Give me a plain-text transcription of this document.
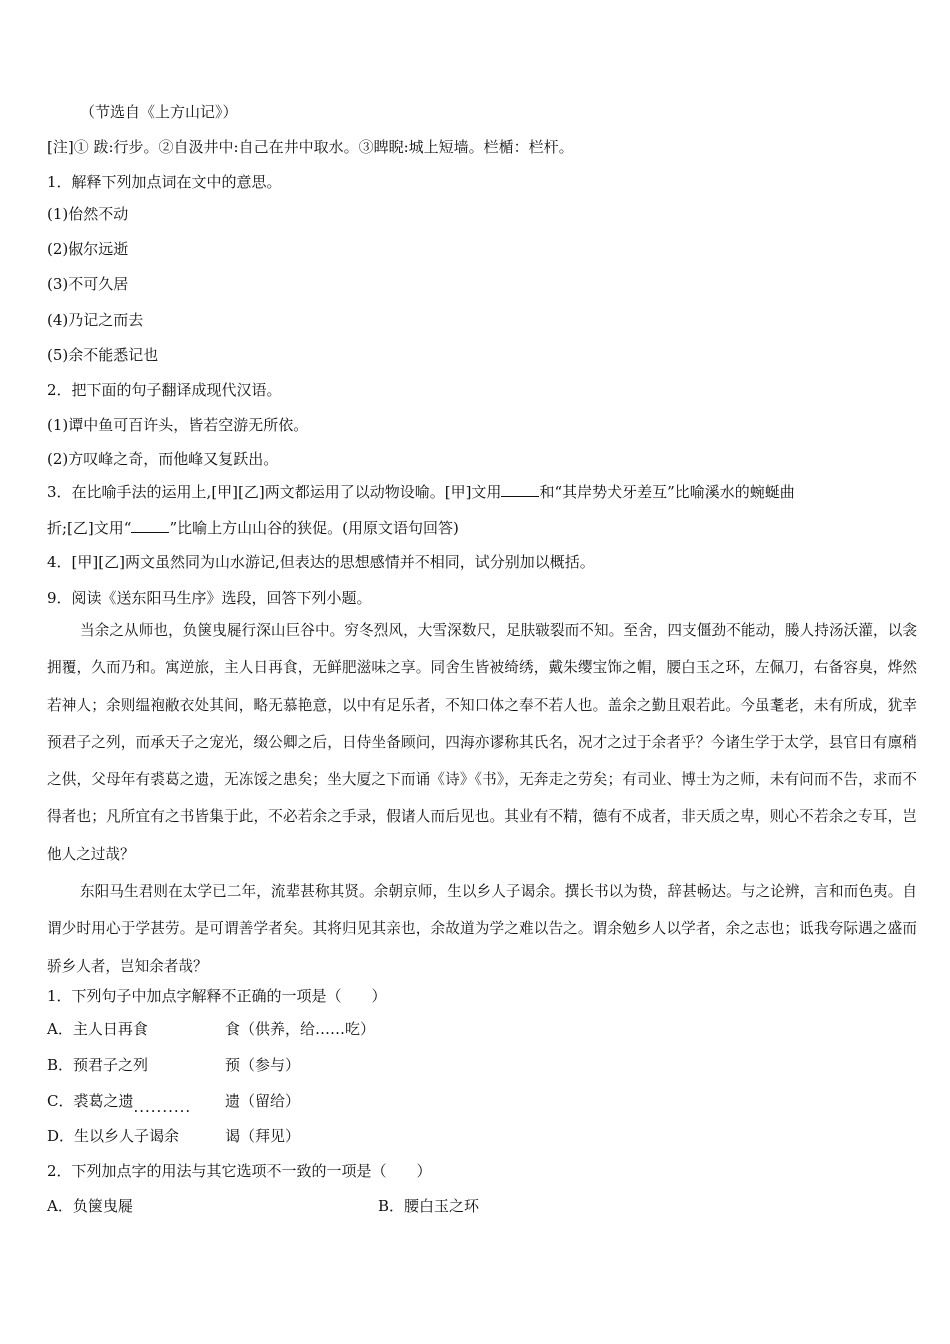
（节选自《上方山记》）
[注]① 跋:行步。②自汲井中:自己在井中取水。③睥睨:城上短墙。栏楯：栏杆。
1．解释下列加点词在文中的意思。
(1)佁然不动
(2)俶尔远逝
(3)不可久居
(4)乃记之而去
(5)余不能悉记也
2．把下面的句子翻译成现代汉语。
(1)谭中鱼可百许头，皆若空游无所依。
(2)方叹峰之奇，而他峰又复跃出。
3．在比喻手法的运用上,[甲][乙]两文都运用了以动物设喻。[甲]文用	和“其岸势犬牙差互”比喻溪水的蜿蜒曲
折;[乙]文用“	”比喻上方山山谷的狭促。(用原文语句回答)
4．[甲][乙]两文虽然同为山水游记,但表达的思想感情并不相同，试分别加以概括。
9．阅读《送东阳马生序》选段，回答下列小题。

当余之从师也，负箧曳屣行深山巨谷中。穷冬烈风，大雪深数尺，足肤皲裂而不知。至舍，四支僵劲不能动，媵人持汤沃灌，以衾拥覆，久而乃和。寓逆旅，主人日再食，无鲜肥滋味之享。同舍生皆被绮绣，戴朱缨宝饰之帽，腰白玉之环，左佩刀，右备容臭，烨然若神人；余则缊袍敝衣处其间，略无慕艳意，以中有足乐者，不知口体之奉不若人也。盖余之勤且艰若此。今虽耄老，未有所成，犹幸预君子之列，而承天子之宠光，缀公卿之后，日侍坐备顾问，四海亦谬称其氏名，况才之过于余者乎？今诸生学于太学，县官日有廪稍之供，父母年有裘葛之遗，无冻馁之患矣；坐大厦之下而诵《诗》《书》，无奔走之劳矣；有司业、博士为之师，未有问而不告，求而不得者也；凡所宜有之书皆集于此，不必若余之手录，假诸人而后见也。其业有不精，德有不成者，非天质之卑，则心不若余之专耳，岂他人之过哉？

东阳马生君则在太学已二年，流辈甚称其贤。余朝京师，生以乡人子谒余。撰长书以为贽，辞甚畅达。与之论辨，言和而色夷。自谓少时用心于学甚劳。是可谓善学者矣。其将归见其亲也，余故道为学之难以告之。谓余勉乡人以学者，余之志也；诋我夸际遇之盛而骄乡人者，岂知余者哉？

1．下列句子中加点字解释不正确的一项是（　　）
A．主人日再食	食（供养，给……吃）
B．预君子之列	预（参与）
C．裘葛之遗.......... 遗（留给）
D．生以乡人子谒余	谒（拜见）
2．下列加点字的用法与其它选项不一致的一项是（　　）
A．负箧曳屣	B．腰白玉之环
